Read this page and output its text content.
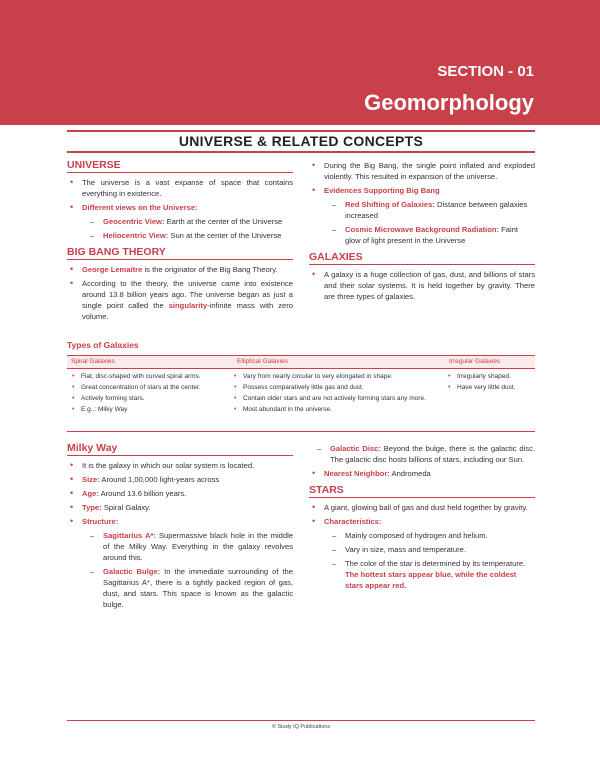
SECTION - 01
Geomorphology
UNIVERSE & RELATED CONCEPTS
UNIVERSE
• The universe is a vast expanse of space that contains everything in existence.
• Different views on the Universe:
– Geocentric View: Earth at the center of the Universe
– Heliocentric View: Sun at the center of the Universe
BIG BANG THEORY
• George Lemaitre is the originator of the Big Bang Theory.
• According to the theory, the universe came into existence around 13.8 billion years ago. The universe began as just a single point called the singularity-infinite mass with zero volume.
• During the Big Bang, the single point inflated and exploded violently. This resulted in expansion of the universe.
• Evidences Supporting Big Bang
– Red Shifting of Galaxies: Distance between galaxies increased
– Cosmic Microwave Background Radiation: Faint glow of light present in the Universe
GALAXIES
• A galaxy is a huge collection of gas, dust, and billions of stars and their solar systems. It is held together by gravity. There are three types of galaxies.
Types of Galaxies
Spiral Galaxies	Elliptical Galaxies	Irregular Galaxies
• Flat, disc-shaped with curved spiral arms.
• Great concentration of stars at the center.
• Actively forming stars.
• E.g.,: Milky Way
• Vary from nearly circular to very elongated in shape.
• Possess comparatively little gas and dust.
• Contain older stars and are not actively forming stars any more.
• Most abundant in the universe.
• Irregularly shaped.
• Have very little dust.
Milky Way
• It is the galaxy in which our solar system is located.
• Size: Around 1,00,000 light-years across
• Age: Around 13.6 billion years.
• Type: Spiral Galaxy.
• Structure:
– Sagittarius A*: Supermassive black hole in the middle of the Milky Way. Everything in the galaxy revolves around this.
– Galactic Bulge: In the immediate surrounding of the Sagittarius A*, there is a tightly packed region of gas, dust, and stars. This space is known as the galactic bulge.
– Galactic Disc: Beyond the bulge, there is the galactic disc. The galactic disc hosts billions of stars, including our Sun.
• Nearest Neighbor: Andromeda
STARS
• A giant, glowing ball of gas and dust held together by gravity.
• Characteristics:
– Mainly composed of hydrogen and helium.
– Vary in size, mass and temperature.
– The color of the star is determined by its temperature. The hottest stars appear blue, while the coldest stars appear red.
© Study IQ Publications
